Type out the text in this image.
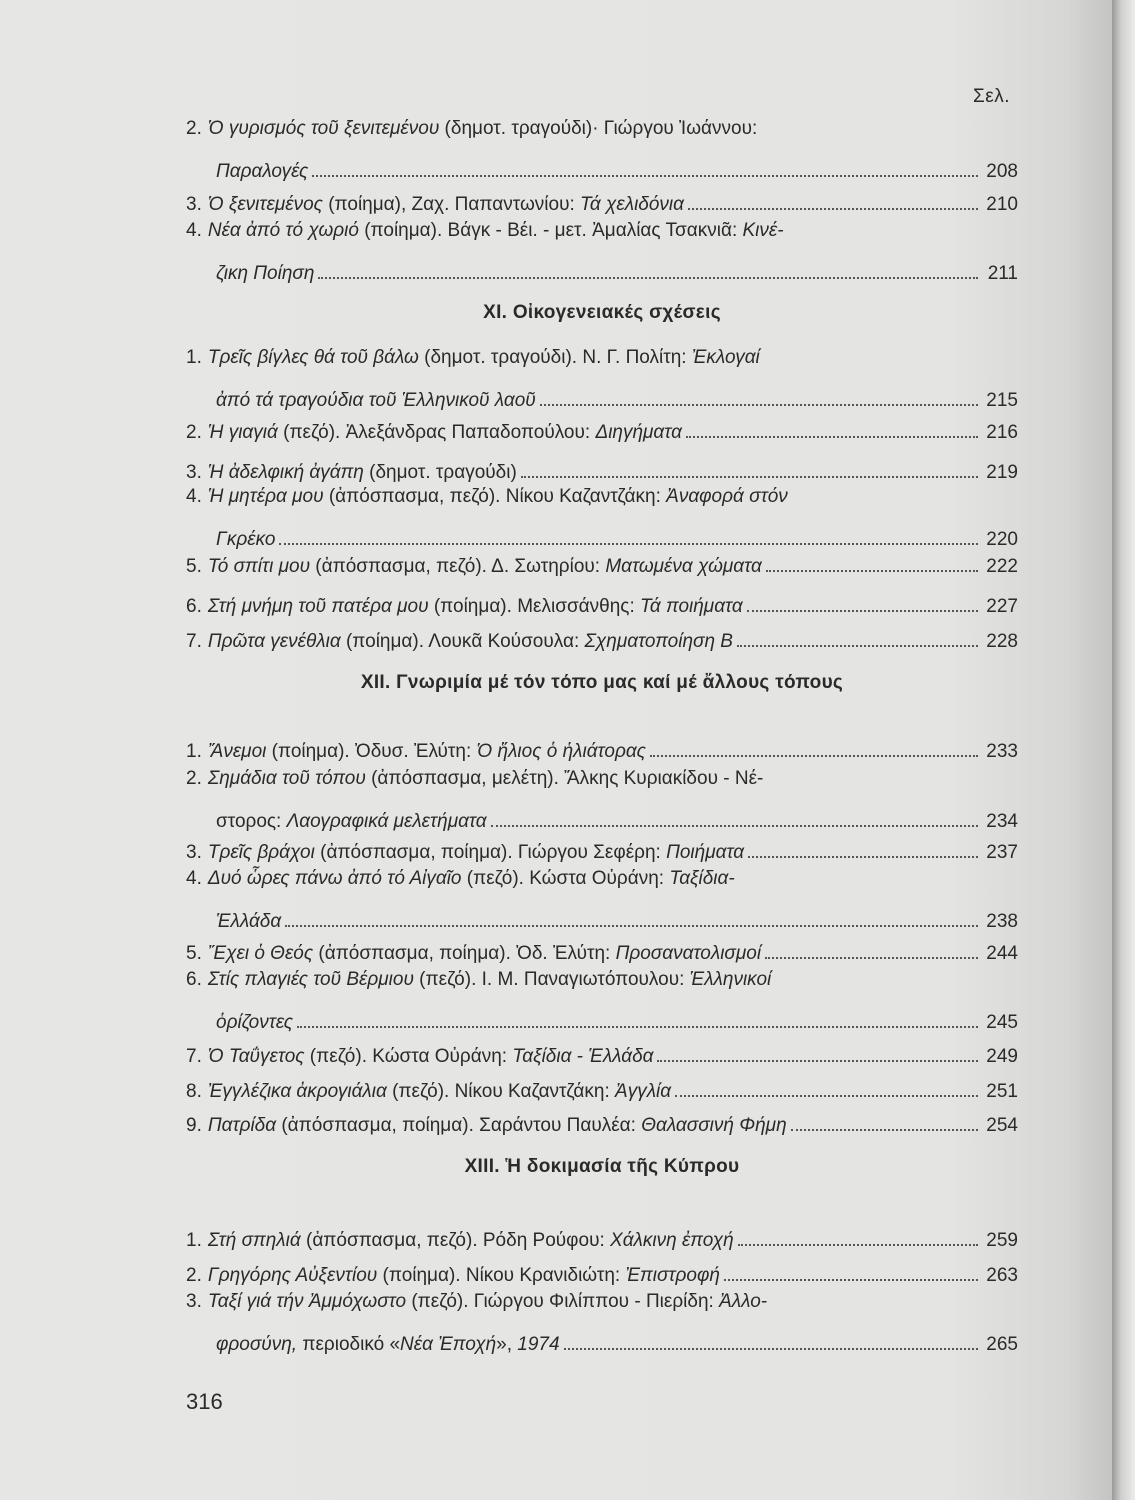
Σελ.
2. Ὁ γυρισμός τοῦ ξενιτεμένου (δημοτ. τραγούδι)· Γιώργου Ἰωάννου:
Παραλογές	208
3. Ὁ ξενιτεμένος (ποίημα), Ζαχ. Παπαντωνίου: Τά χελιδόνια	210
4. Νέα ἀπό τό χωριό (ποίημα). Βάγκ - Βέι. - μετ. Ἀμαλίας Τσακνιᾶ: Κινέ-
ζικη Ποίηση	211
XI. Οἰκογενειακές σχέσεις
1. Τρεῖς βίγλες θά τοῦ βάλω (δημοτ. τραγούδι). Ν. Γ. Πολίτη: Ἐκλογαί
ἀπό τά τραγούδια τοῦ Ἑλληνικοῦ λαοῦ	215
2. Ἡ γιαγιά (πεζό). Ἀλεξάνδρας Παπαδοπούλου: Διηγήματα	216
3. Ἡ ἀδελφική ἀγάπη (δημοτ. τραγούδι)	219
4. Ἡ μητέρα μου (ἀπόσπασμα, πεζό). Νίκου Καζαντζάκη: Ἀναφορά στόν
Γκρέκο	220
5. Τό σπίτι μου (ἀπόσπασμα, πεζό). Δ. Σωτηρίου: Ματωμένα χώματα	222
6. Στή μνήμη τοῦ πατέρα μου (ποίημα). Μελισσάνθης: Τά ποιήματα	227
7. Πρῶτα γενέθλια (ποίημα). Λουκᾶ Κούσουλα: Σχηματοποίηση Β	228
XII. Γνωριμία μέ τόν τόπο μας καί μέ ἄλλους τόπους
1. Ἄνεμοι (ποίημα). Ὀδυσ. Ἐλύτη: Ὁ ἥλιος ὁ ἡλιάτορας	233
2. Σημάδια τοῦ τόπου (ἀπόσπασμα, μελέτη). Ἄλκης Κυριακίδου - Νέ-
στορος: Λαογραφικά μελετήματα	234
3. Τρεῖς βράχοι (ἀπόσπασμα, ποίημα). Γιώργου Σεφέρη: Ποιήματα	237
4. Δυό ὧρες πάνω ἀπό τό Αἰγαῖο (πεζό). Κώστα Οὐράνη: Ταξίδια-
Ἑλλάδα	238
5. Ἔχει ὁ Θεός (ἀπόσπασμα, ποίημα). Ὀδ. Ἐλύτη: Προσανατολισμοί	244
6. Στίς πλαγιές τοῦ Βέρμιου (πεζό). Ι. Μ. Παναγιωτόπουλου: Ἑλληνικοί
ὁρίζοντες	245
7. Ὁ Ταΰγετος (πεζό). Κώστα Οὐράνη: Ταξίδια - Ἑλλάδα	249
8. Ἐγγλέζικα ἀκρογιάλια (πεζό). Νίκου Καζαντζάκη: Ἀγγλία	251
9. Πατρίδα (ἀπόσπασμα, ποίημα). Σαράντου Παυλέα: Θαλασσινή Φήμη	254
XIII. Ἡ δοκιμασία τῆς Κύπρου
1. Στή σπηλιά (ἀπόσπασμα, πεζό). Ρόδη Ρούφου: Χάλκινη ἐποχή	259
2. Γρηγόρης Αὐξεντίου (ποίημα). Νίκου Κρανιδιώτη: Ἐπιστροφή	263
3. Ταξί γιά τήν Ἀμμόχωστο (πεζό). Γιώργου Φιλίππου - Πιερίδη: Ἀλλο-
φροσύνη, περιοδικό «Νέα Ἐποχή», 1974	265
316
